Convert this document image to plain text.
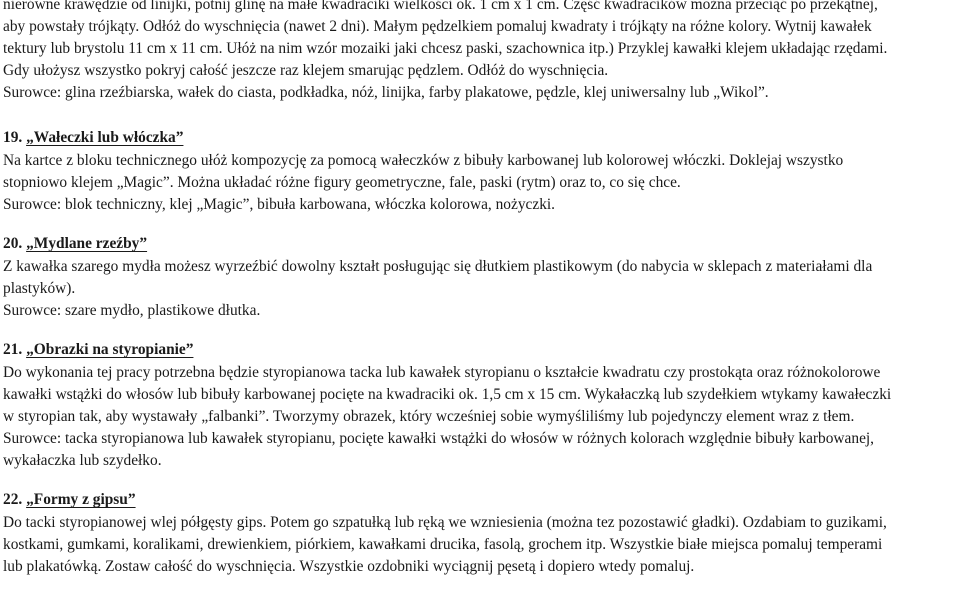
nierówne krawędzie od linijki, potnij glinę na małe kwadraciki wielkości ok. 1 cm x 1 cm. Część kwadracików można przeciąć po przekątnej,

aby powstały trójkąty. Odłóż do wyschnięcia (nawet 2 dni). Małym pędzelkiem pomaluj kwadraty i trójkąty na różne kolory. Wytnij kawałek

tektury lub brystolu 11 cm x 11 cm. Ułóż na nim wzór mozaiki jaki chcesz paski, szachownica itp.) Przyklej kawałki klejem układając rzędami.

Gdy ułożysz wszystko pokryj całość jeszcze raz klejem smarując pędzlem. Odłóż do wyschnięcia.

Surowce: glina rzeźbiarska, wałek do ciasta, podkładka, nóż, linijka, farby plakatowe, pędzle, klej uniwersalny lub „Wikol”.

19. „Wałeczki lub włóczka”

Na kartce z bloku technicznego ułóż kompozycję za pomocą wałeczków z bibuły karbowanej lub kolorowej włóczki. Doklejaj wszystko

stopniowo klejem „Magic”. Można układać różne figury geometryczne, fale, paski (rytm) oraz to, co się chce.

Surowce: blok techniczny, klej „Magic”, bibuła karbowana, włóczka kolorowa, nożyczki.

20. „Mydlane rzeźby”

Z kawałka szarego mydła możesz wyrzeźbić dowolny kształt posługując się dłutkiem plastikowym (do nabycia w sklepach z materiałami dla

plastyków).

Surowce: szare mydło, plastikowe dłutka.

21. „Obrazki na styropianie”

Do wykonania tej pracy potrzebna będzie styropianowa tacka lub kawałek styropianu o kształcie kwadratu czy prostokąta oraz różnokolorowe

kawałki wstążki do włosów lub bibuły karbowanej pocięte na kwadraciki ok. 1,5 cm x 15 cm. Wykałaczką lub szydełkiem wtykamy kawałeczki

w styropian tak, aby wystawały „falbanki”. Tworzymy obrazek, który wcześniej sobie wymyśliliśmy lub pojedynczy element wraz z tłem.

Surowce: tacka styropianowa lub kawałek styropianu, pocięte kawałki wstążki do włosów w różnych kolorach względnie bibuły karbowanej,

wykałaczka lub szydełko.

22. „Formy z gipsu”

Do tacki styropianowej wlej półgęsty gips. Potem go szpatułką lub ręką we wzniesienia (można tez pozostawić gładki). Ozdabiam to guzikami,

kostkami, gumkami, koralikami, drewienkiem, piórkiem, kawałkami drucika, fasolą, grochem itp. Wszystkie białe miejsca pomaluj temperami

lub plakatówką. Zostaw całość do wyschnięcia. Wszystkie ozdobniki wyciągnij pęsetą i dopiero wtedy pomaluj.
